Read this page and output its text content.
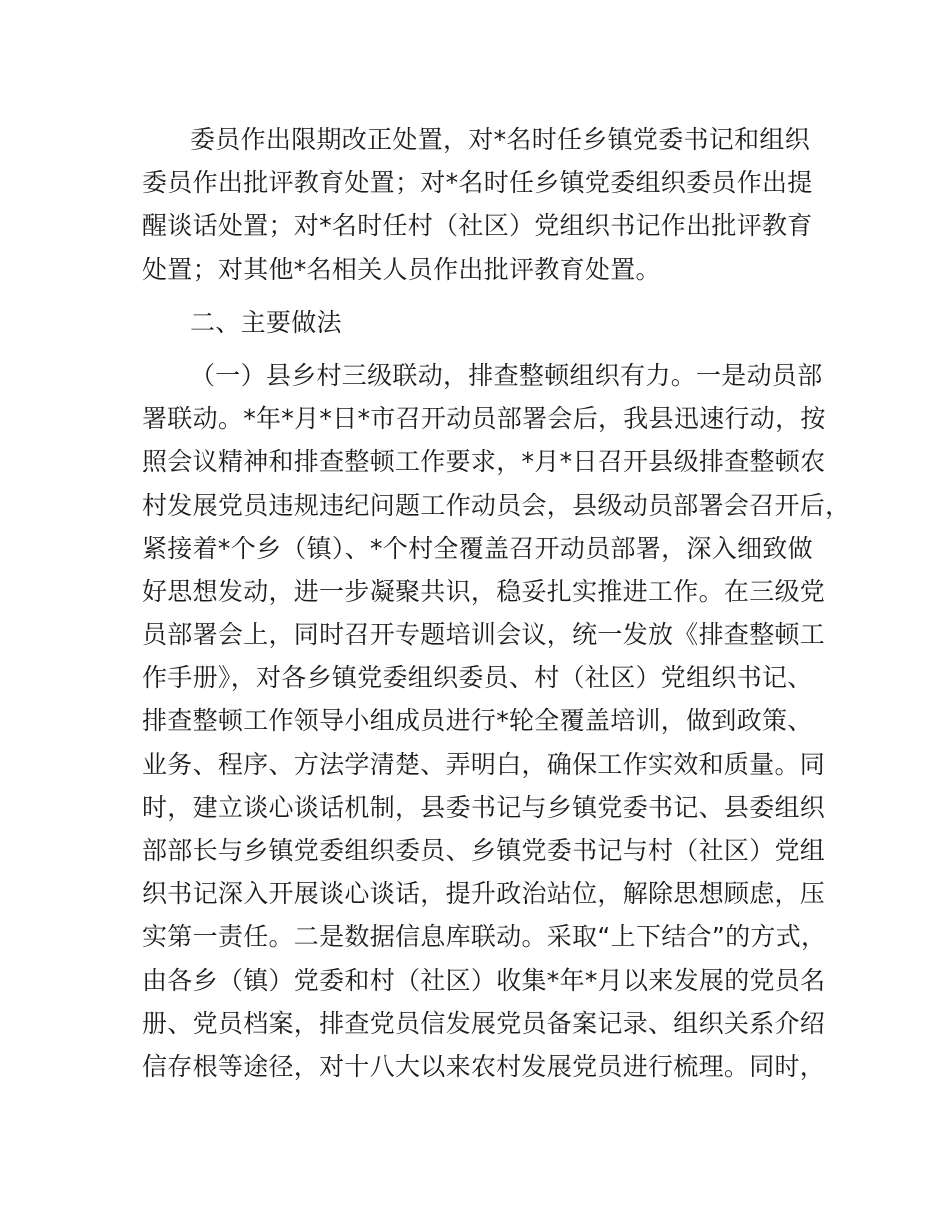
委员作出限期改正处置，对*名时任乡镇党委书记和组织
委员作出批评教育处置；对*名时任乡镇党委组织委员作出提
醒谈话处置；对*名时任村（社区）党组织书记作出批评教育
处置；对其他*名相关人员作出批评教育处置。
二、主要做法
（一）县乡村三级联动，排查整顿组织有力。一是动员部
署联动。*年*月*日*市召开动员部署会后，我县迅速行动，按
照会议精神和排查整顿工作要求，*月*日召开县级排查整顿农
村发展党员违规违纪问题工作动员会，县级动员部署会召开后，
紧接着*个乡（镇）、*个村全覆盖召开动员部署，深入细致做
好思想发动，进一步凝聚共识，稳妥扎实推进工作。在三级党
员部署会上，同时召开专题培训会议，统一发放《排查整顿工
作手册》，对各乡镇党委组织委员、村（社区）党组织书记、
排查整顿工作领导小组成员进行*轮全覆盖培训，做到政策、
业务、程序、方法学清楚、弄明白，确保工作实效和质量。同
时，建立谈心谈话机制，县委书记与乡镇党委书记、县委组织
部部长与乡镇党委组织委员、乡镇党委书记与村（社区）党组
织书记深入开展谈心谈话，提升政治站位，解除思想顾虑，压
实第一责任。二是数据信息库联动。采取“上下结合”的方式，
由各乡（镇）党委和村（社区）收集*年*月以来发展的党员名
册、党员档案，排查党员信发展党员备案记录、组织关系介绍
信存根等途径，对十八大以来农村发展党员进行梳理。同时，
